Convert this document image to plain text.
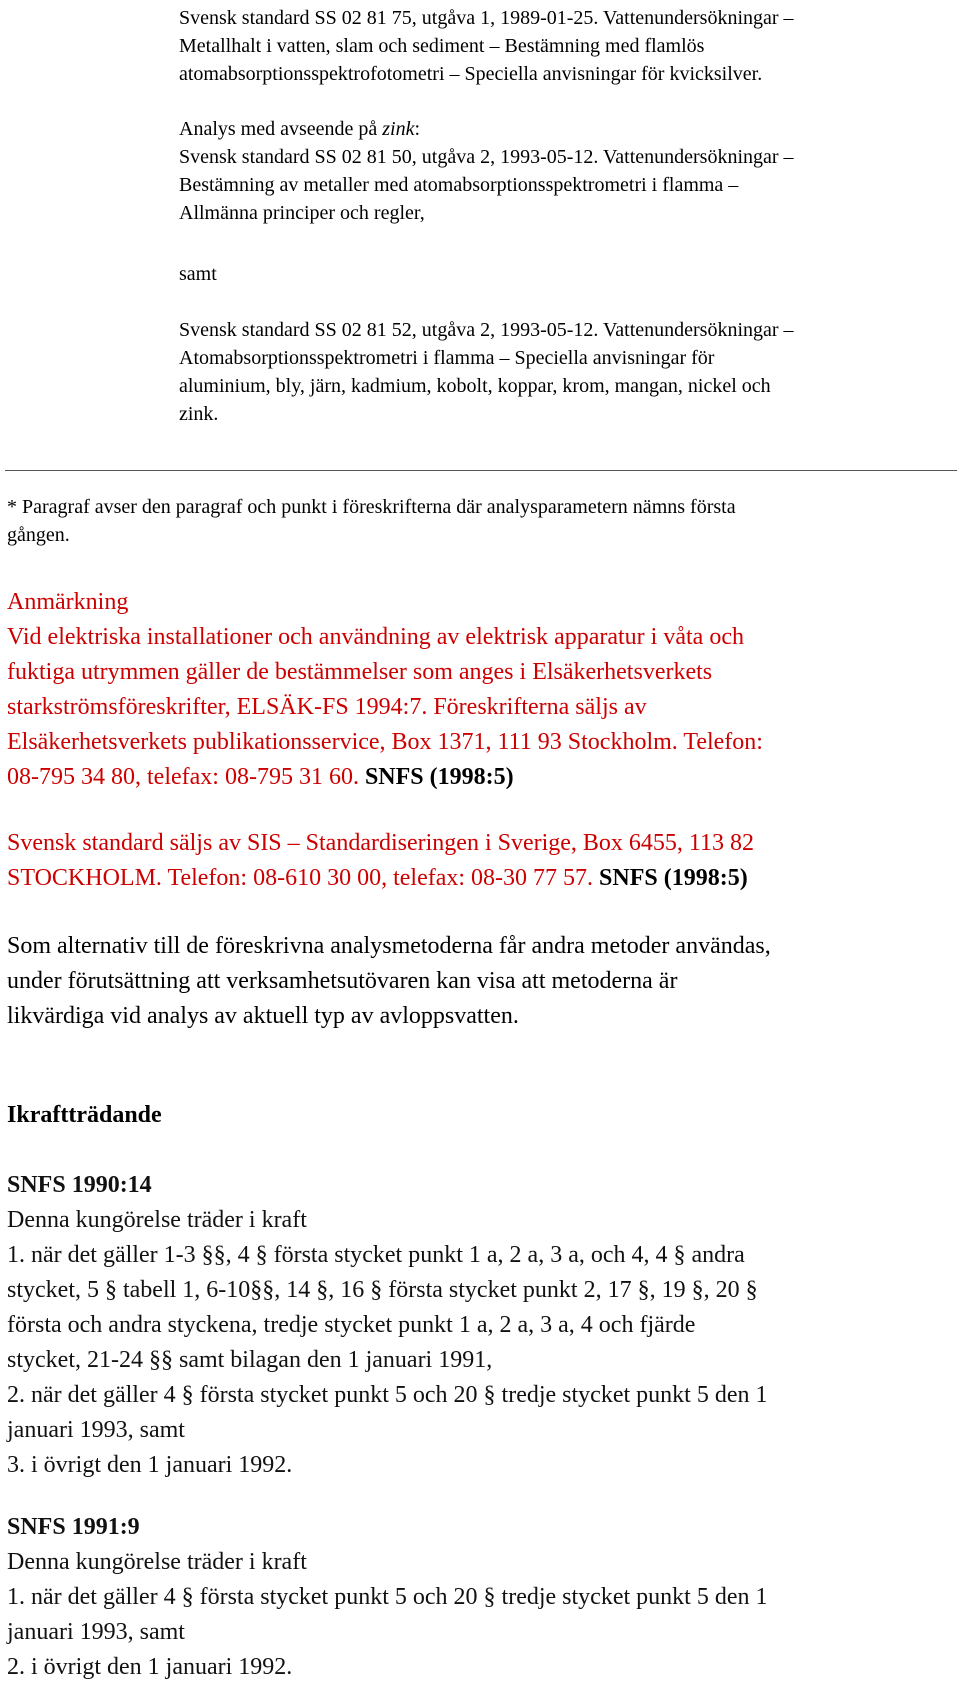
Svensk standard SS 02 81 75, utgåva 1, 1989-01-25. Vattenundersökningar –
Metallhalt i vatten, slam och sediment – Bestämning med flamlös
atomabsorptionsspektrofotometri – Speciella anvisningar för kvicksilver.
Analys med avseende på zink:
Svensk standard SS 02 81 50, utgåva 2, 1993-05-12. Vattenundersökningar –
Bestämning av metaller med atomabsorptionsspektrometri i flamma –
Allmänna principer och regler,
samt
Svensk standard SS 02 81 52, utgåva 2, 1993-05-12. Vattenundersökningar –
Atomabsorptionsspektrometri i flamma – Speciella anvisningar för
aluminium, bly, järn, kadmium, kobolt, koppar, krom, mangan, nickel och
zink.
* Paragraf avser den paragraf och punkt i föreskrifterna där analysparametern nämns första
gången.
Anmärkning
Vid elektriska installationer och användning av elektrisk apparatur i våta och
fuktiga utrymmen gäller de bestämmelser som anges i Elsäkerhetsverkets
starkströmsföreskrifter, ELSÄK-FS 1994:7. Föreskrifterna säljs av
Elsäkerhetsverkets publikationsservice, Box 1371, 111 93 Stockholm. Telefon:
08-795 34 80, telefax: 08-795 31 60. SNFS (1998:5)
Svensk standard säljs av SIS – Standardiseringen i Sverige, Box 6455, 113 82
STOCKHOLM. Telefon: 08-610 30 00, telefax: 08-30 77 57. SNFS (1998:5)
Som alternativ till de föreskrivna analysmetoderna får andra metoder användas,
under förutsättning att verksamhetsutövaren kan visa att metoderna är
likvärdiga vid analys av aktuell typ av avloppsvatten.
Ikraftträdande
SNFS 1990:14
Denna kungörelse träder i kraft
1. när det gäller 1-3 §§, 4 § första stycket punkt 1 a, 2 a, 3 a, och 4, 4 § andra
stycket, 5 § tabell 1, 6-10§§, 14 §, 16 § första stycket punkt 2, 17 §, 19 §, 20 §
första och andra styckena, tredje stycket punkt 1 a, 2 a, 3 a, 4 och fjärde
stycket, 21-24 §§ samt bilagan den 1 januari 1991,
2. när det gäller 4 § första stycket punkt 5 och 20 § tredje stycket punkt 5 den 1
januari 1993, samt
3. i övrigt den 1 januari 1992.
SNFS 1991:9
Denna kungörelse träder i kraft
1. när det gäller 4 § första stycket punkt 5 och 20 § tredje stycket punkt 5 den 1
januari 1993, samt
2. i övrigt den 1 januari 1992.
